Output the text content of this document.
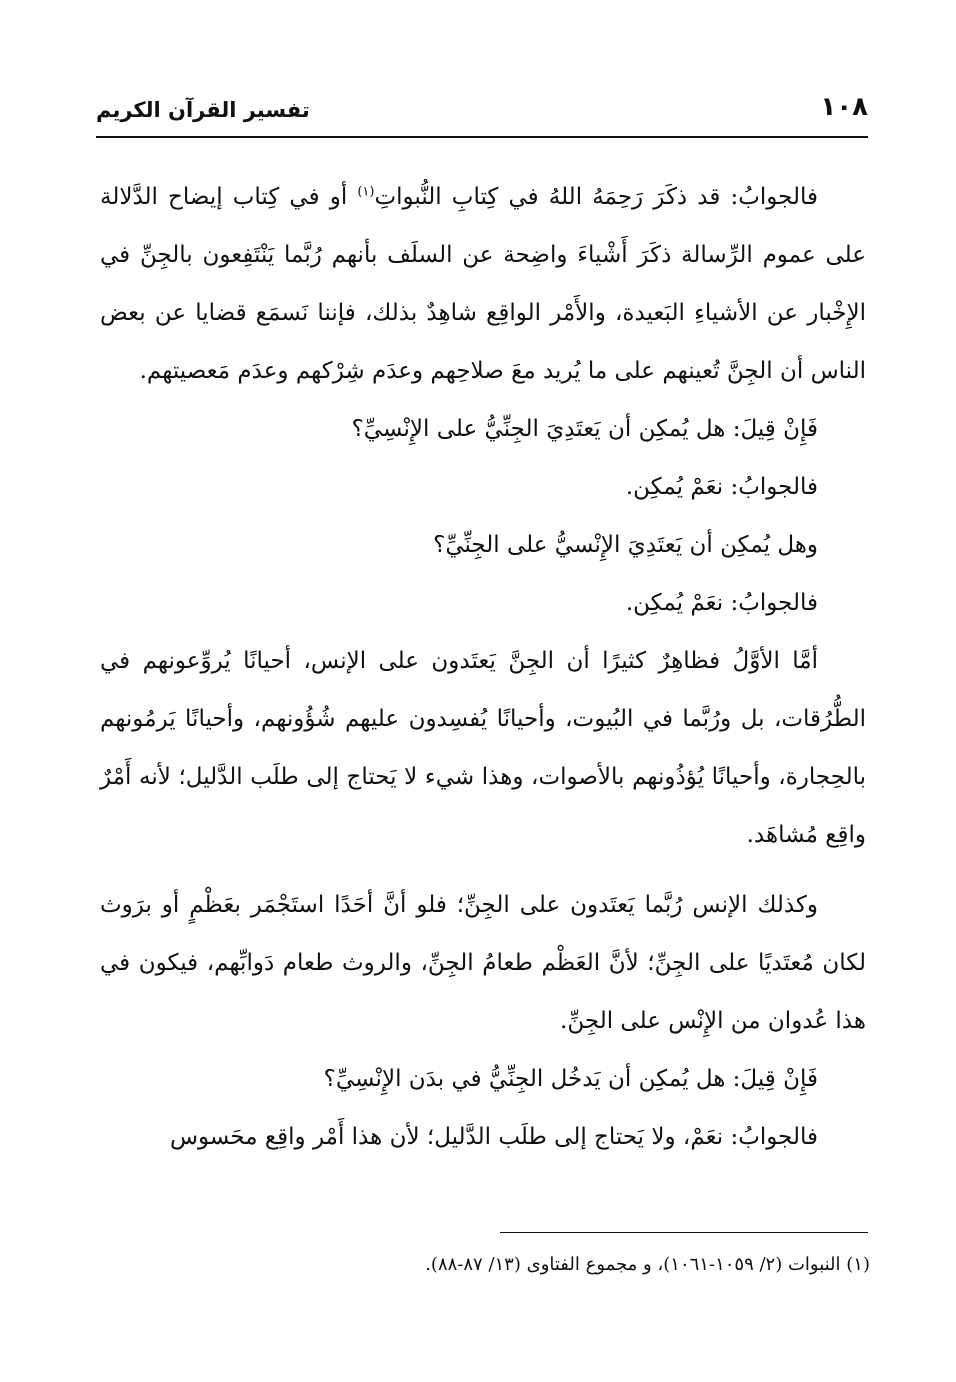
١٠٨
تفسير القرآن الكريم

فالجوابُ: قد ذكَرَ رَحِمَهُ اللهُ في كِتابِ النُّبواتِ$^{(١)}$ أو في كِتاب إيضاح الدَّلالة على عموم الرِّسالة ذكَرَ أَشْياءَ واضِحة عن السلَف بأنهم رُبَّما يَنْتَفِعون بالجِنِّ في الإِخْبار عن الأشياءِ البَعيدة، والأَمْر الواقِع شاهِدٌ بذلك، فإننا نَسمَع قضايا عن بعض الناس أن الجِنَّ تُعينهم على ما يُريد معَ صلاحِهم وعدَم شِرْكهم وعدَم مَعصيتهم.

فَإِنْ قِيلَ: هل يُمكِن أن يَعتَدِيَ الجِنِّيُّ على الإِنْسِيِّ؟

فالجوابُ: نعَمْ يُمكِن.

وهل يُمكِن أن يَعتَدِيَ الإِنْسيُّ على الجِنِّيِّ؟

فالجوابُ: نعَمْ يُمكِن.

أمَّا الأوَّلُ فظاهِرٌ كثيرًا أن الجِنَّ يَعتَدون على الإنس، أحيانًا يُروِّعونهم في الطُّرُقات، بل ورُبَّما في البُيوت، وأحيانًا يُفسِدون عليهم شُؤُونهم، وأحيانًا يَرمُونهم بالحِجارة، وأحيانًا يُؤذُونهم بالأصوات، وهذا شيء لا يَحتاج إلى طلَب الدَّليل؛ لأنه أَمْرٌ واقِع مُشاهَد.

وكذلك الإنس رُبَّما يَعتَدون على الجِنِّ؛ فلو أنَّ أحَدًا استَجْمَر بعَظْمٍ أو برَوث لكان مُعتَديًا على الجِنِّ؛ لأنَّ العَظْم طعامُ الجِنِّ، والروث طعام دَوابِّهم، فيكون في هذا عُدوان من الإِنْس على الجِنِّ.

فَإِنْ قِيلَ: هل يُمكِن أن يَدخُل الجِنِّيُّ في بدَن الإِنْسِيِّ؟

فالجوابُ: نعَمْ، ولا يَحتاج إلى طلَب الدَّليل؛ لأن هذا أَمْر واقِع محَسوس

(١) النبوات (٢/ ١٠٥٩-١٠٦١)، و مجموع الفتاوى (١٣/ ٨٧-٨٨).
